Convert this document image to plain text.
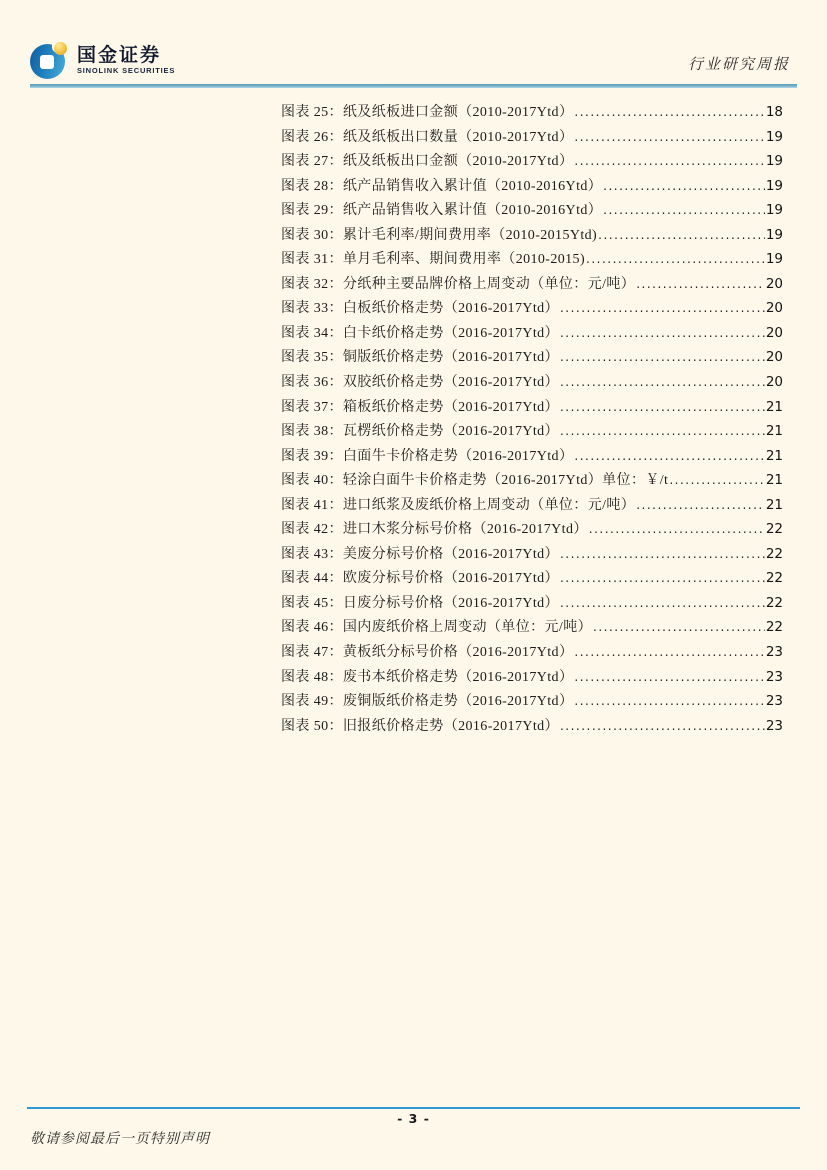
国金证券
SINOLINK SECURITIES	行业研究周报
图表 25：纸及纸板进口金额（2010-2017Ytd） .....	18
图表 26：纸及纸板出口数量（2010-2017Ytd） .....	19
图表 27：纸及纸板出口金额（2010-2017Ytd） .....	19
图表 28：纸产品销售收入累计值（2010-2016Ytd） .....	19
图表 29：纸产品销售收入累计值（2010-2016Ytd） .....	19
图表 30：累计毛利率/期间费用率（2010-2015Ytd) .....	19
图表 31：单月毛利率、期间费用率（2010-2015) .....	19
图表 32：分纸种主要品牌价格上周变动（单位：元/吨） .....	20
图表 33：白板纸价格走势（2016-2017Ytd） .....	20
图表 34：白卡纸价格走势（2016-2017Ytd） .....	20
图表 35：铜版纸价格走势（2016-2017Ytd） .....	20
图表 36：双胶纸价格走势（2016-2017Ytd） .....	20
图表 37：箱板纸价格走势（2016-2017Ytd） .....	21
图表 38：瓦楞纸价格走势（2016-2017Ytd） .....	21
图表 39：白面牛卡价格走势（2016-2017Ytd） .....	21
图表 40：轻涂白面牛卡价格走势（2016-2017Ytd）单位：￥/t .....	21
图表 41：进口纸浆及废纸价格上周变动（单位：元/吨） .....	21
图表 42：进口木浆分标号价格（2016-2017Ytd） .....	22
图表 43：美废分标号价格（2016-2017Ytd） .....	22
图表 44：欧废分标号价格（2016-2017Ytd） .....	22
图表 45：日废分标号价格（2016-2017Ytd） .....	22
图表 46：国内废纸价格上周变动（单位：元/吨） .....	22
图表 47：黄板纸分标号价格（2016-2017Ytd） .....	23
图表 48：废书本纸价格走势（2016-2017Ytd） .....	23
图表 49：废铜版纸价格走势（2016-2017Ytd） .....	23
图表 50：旧报纸价格走势（2016-2017Ytd） .....	23
- 3 -
敬请参阅最后一页特别声明
